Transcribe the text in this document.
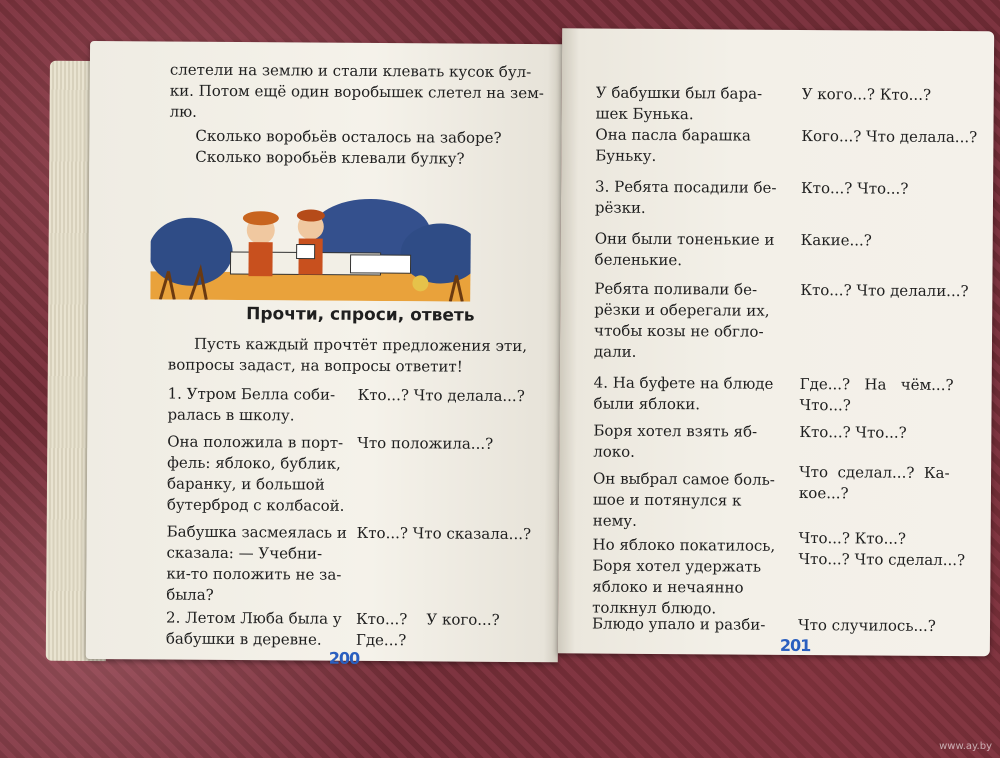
слетели на землю и стали клевать кусок бул-
ки. Потом ещё один воробышек слетел на зем-
лю.
Сколько воробьёв осталось на заборе?
Сколько воробьёв клевали булку?
Прочти, спроси, ответь
Пусть каждый прочтёт предложения эти,
вопросы задаст, на вопросы ответит!
1. Утром Белла соби-
ралась в школу.
Кто...? Что делала...?
Она положила в порт-
фель: яблоко, бублик,
баранку, и большой
бутерброд с колбасой.
Что положила...?
Бабушка засмеялась и
сказала: — Учебни-
ки-то положить не за-
была?
Кто...? Что сказала...?
2. Летом Люба была у
бабушки в деревне.
Кто...?    У кого...?
Где...?
200
У бабушки был бара-
шек Бунька.
У кого...? Кто...?
Она пасла барашка
Буньку.
Кого...? Что делала...?
3. Ребята посадили бе-
рёзки.
Кто...? Что...?
Они были тоненькие и
беленькие.
Какие...?
Ребята поливали бе-
рёзки и оберегали их,
чтобы козы не обгло-
дали.
Кто...? Что делали...?
4. На буфете на блюде
были яблоки.
Где...?   На   чём...?
Что...?
Боря хотел взять яб-
локо.
Кто...? Что...?
Он выбрал самое боль-
шое и потянулся к
нему.
Что  сделал...?  Ка-
кое...?
Но яблоко покатилось,
Боря хотел удержать
яблоко и нечаянно
толкнул блюдо.
Что...? Кто...?
Что...? Что сделал...?
Блюдо упало и разби- Что случилось...?
201
www.ay.by
